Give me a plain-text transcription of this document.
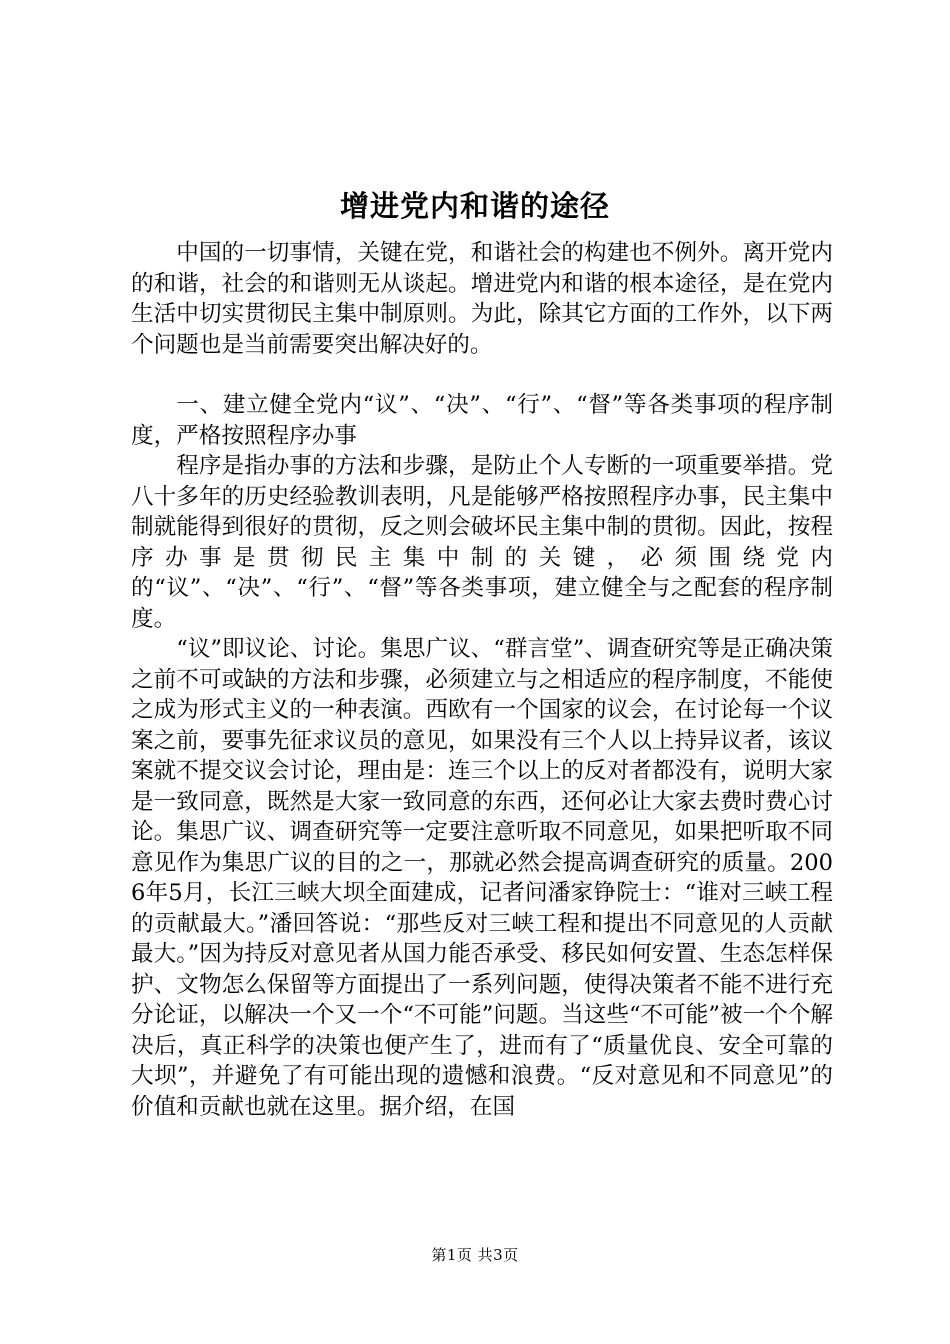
增进党内和谐的途径

中国的一切事情，关键在党，和谐社会的构建也不例外。离开党内的和谐，社会的和谐则无从谈起。增进党内和谐的根本途径，是在党内生活中切实贯彻民主集中制原则。为此，除其它方面的工作外，以下两个问题也是当前需要突出解决好的。

一、建立健全党内“议”、“决”、“行”、“督”等各类事项的程序制度，严格按照程序办事

程序是指办事的方法和步骤，是防止个人专断的一项重要举措。党八十多年的历史经验教训表明，凡是能够严格按照程序办事，民主集中制就能得到很好的贯彻，反之则会破坏民主集中制的贯彻。因此，按程序办事是贯彻民主集中制的关键，必须围绕党内的“议”、“决”、“行”、“督”等各类事项，建立健全与之配套的程序制度。

“议”即议论、讨论。集思广议、“群言堂”、调查研究等是正确决策之前不可或缺的方法和步骤，必须建立与之相适应的程序制度，不能使之成为形式主义的一种表演。西欧有一个国家的议会，在讨论每一个议案之前，要事先征求议员的意见，如果没有三个人以上持异议者，该议案就不提交议会讨论，理由是：连三个以上的反对者都没有，说明大家是一致同意，既然是大家一致同意的东西，还何必让大家去费时费心讨论。集思广议、调查研究等一定要注意听取不同意见，如果把听取不同意见作为集思广议的目的之一，那就必然会提高调查研究的质量。2006年5月，长江三峡大坝全面建成，记者问潘家铮院士：“谁对三峡工程的贡献最大。”潘回答说：“那些反对三峡工程和提出不同意见的人贡献最大。”因为持反对意见者从国力能否承受、移民如何安置、生态怎样保护、文物怎么保留等方面提出了一系列问题，使得决策者不能不进行充分论证，以解决一个又一个“不可能”问题。当这些“不可能”被一个个解决后，真正科学的决策也便产生了，进而有了“质量优良、安全可靠的大坝”，并避免了有可能出现的遗憾和浪费。“反对意见和不同意见”的价值和贡献也就在这里。据介绍，在国

第1页 共3页
